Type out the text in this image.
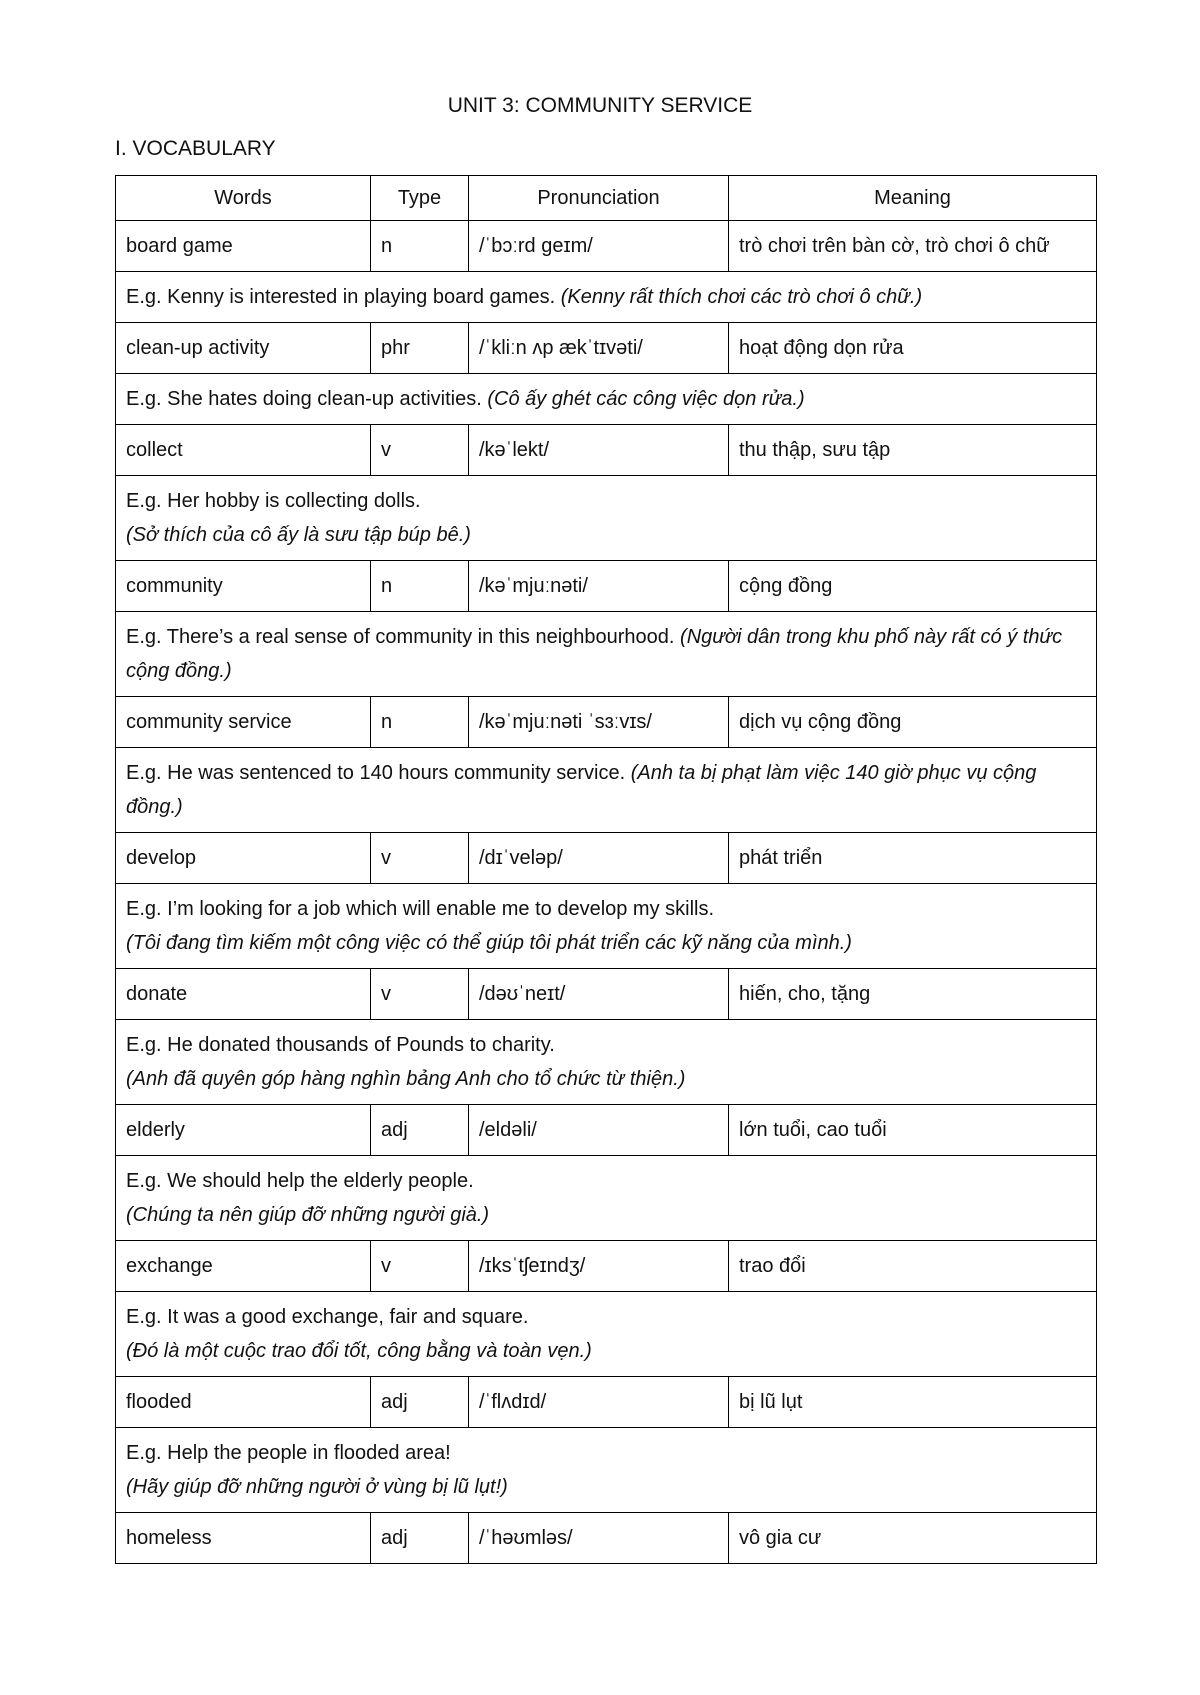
UNIT 3: COMMUNITY SERVICE
I. VOCABULARY
Words	Type	Pronunciation	Meaning
board game	n	/ˈbɔːrd ɡeɪm/	trò chơi trên bàn cờ, trò chơi ô chữ
E.g. Kenny is interested in playing board games. (Kenny rất thích chơi các trò chơi ô chữ.)			
clean-up activity	phr	/ˈkliːn ʌp ækˈtɪvəti/	hoạt động dọn rửa
E.g. She hates doing clean-up activities. (Cô ấy ghét các công việc dọn rửa.)			
collect	v	/kəˈlekt/	thu thập, sưu tập

E.g. Her hobby is collecting dolls.
(Sở thích của cô ấy là sưu tập búp bê.)			
community	n	/kəˈmjuːnəti/	cộng đồng
E.g. There’s a real sense of community in this neighbourhood. (Người dân trong khu phố này rất có ý thức cộng đồng.)			
community service	n	/kəˈmjuːnəti ˈsɜːvɪs/	dịch vụ cộng đồng
E.g. He was sentenced to 140 hours community service. (Anh ta bị phạt làm việc 140 giờ phục vụ cộng đồng.)			
develop	v	/dɪˈveləp/	phát triển

E.g. I’m looking for a job which will enable me to develop my skills.
(Tôi đang tìm kiếm một công việc có thể giúp tôi phát triển các kỹ năng của mình.)			
donate	v	/dəʊˈneɪt/	hiến, cho, tặng

E.g. He donated thousands of Pounds to charity.
(Anh đã quyên góp hàng nghìn bảng Anh cho tổ chức từ thiện.)			
elderly	adj	/eldəli/	lớn tuổi, cao tuổi

E.g. We should help the elderly people.
(Chúng ta nên giúp đỡ những người già.)			
exchange	v	/ɪksˈtʃeɪndʒ/	trao đổi

E.g. It was a good exchange, fair and square.
(Đó là một cuộc trao đổi tốt, công bằng và toàn vẹn.)			
flooded	adj	/ˈflʌdɪd/	bị lũ lụt

E.g. Help the people in flooded area!
(Hãy giúp đỡ những người ở vùng bị lũ lụt!)			
homeless	adj	/ˈhəʊmləs/	vô gia cư
